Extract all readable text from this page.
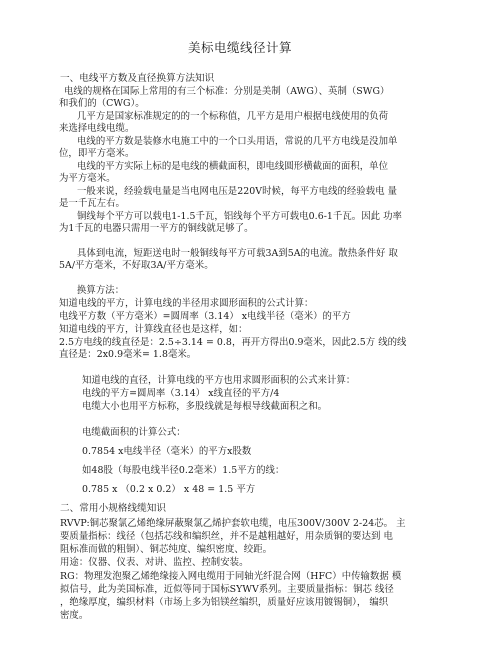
美标电缆线径计算
一、电线平方数及直径换算方法知识
电线的规格在国际上常用的有三个标准：分别是美制（AWG）、英制（SWG）
和我们的（CWG）。
几平方是国家标准规定的的一个标称值，几平方是用户根据电线使用的负荷
来选择电线电缆。
电线的平方数是装修水电施工中的一个口头用语，常说的几平方电线是没加单
位，即平方毫米。
电线的平方实际上标的是电线的横截面积，即电线圆形横截面的面积，单位
为平方毫米。
一般来说，经验载电量是当电网电压是220V时候，每平方电线的经验载电 量
是一千瓦左右。
铜线每个平方可以载电1-1.5千瓦，铝线每个平方可载电0.6-1千瓦。因此 功率
为1千瓦的电器只需用一平方的铜线就足够了。
具体到电流，短距送电时一般铜线每平方可载3A到5A的电流。散热条件好 取
5A/平方毫米，不好取3A/平方毫米。
换算方法：
知道电线的平方，计算电线的半径用求圆形面积的公式计算：
电线平方数（平方毫米）=圆周率（3.14） x电线半径（毫米）的平方
知道电线的平方，计算线直径也是这样，如：
2.5方电线的线直径是：2.5÷3.14 = 0.8，再开方得出0.9毫米，因此2.5方 线的线
直径是：2x0.9毫米= 1.8毫米。
知道电线的直径，计算电线的平方也用求圆形面积的公式来计算：
电线的平方=圆周率（3.14） x线直径的平方/4
电缆大小也用平方标称，多股线就是每根导线截面积之和。
电缆截面积的计算公式：
0.7854 x电线半径（毫米）的平方x股数
如48股（每股电线半径0.2毫米）1.5平方的线：
0.785 x （0.2 x 0.2） x 48 = 1.5 平方
二、常用小规格线缆知识
RVVP:铜芯聚氯乙烯绝缘屏蔽聚氯乙烯护套软电缆，电压300V/300V 2-24芯。 主
要质量指标：线径（包括芯线和编织丝，并不是越粗越好，用杂质铜的要达到 电
阻标准而做的粗铜）、铜芯纯度、编织密度、绞距。
用途：仪器、仪表、对讲、监控、控制安装。
RG：物理发泡聚乙烯绝缘接入网电缆用于同轴光纤混合网（HFC）中传输数据 模
拟信号，此为美国标准，近似等同于国标SYWV系列。主要质量指标：铜芯 线径
，绝缘厚度，编织材料（市场上多为铝镁丝编织，质量好应该用镀锡铜）， 编织
密度。
